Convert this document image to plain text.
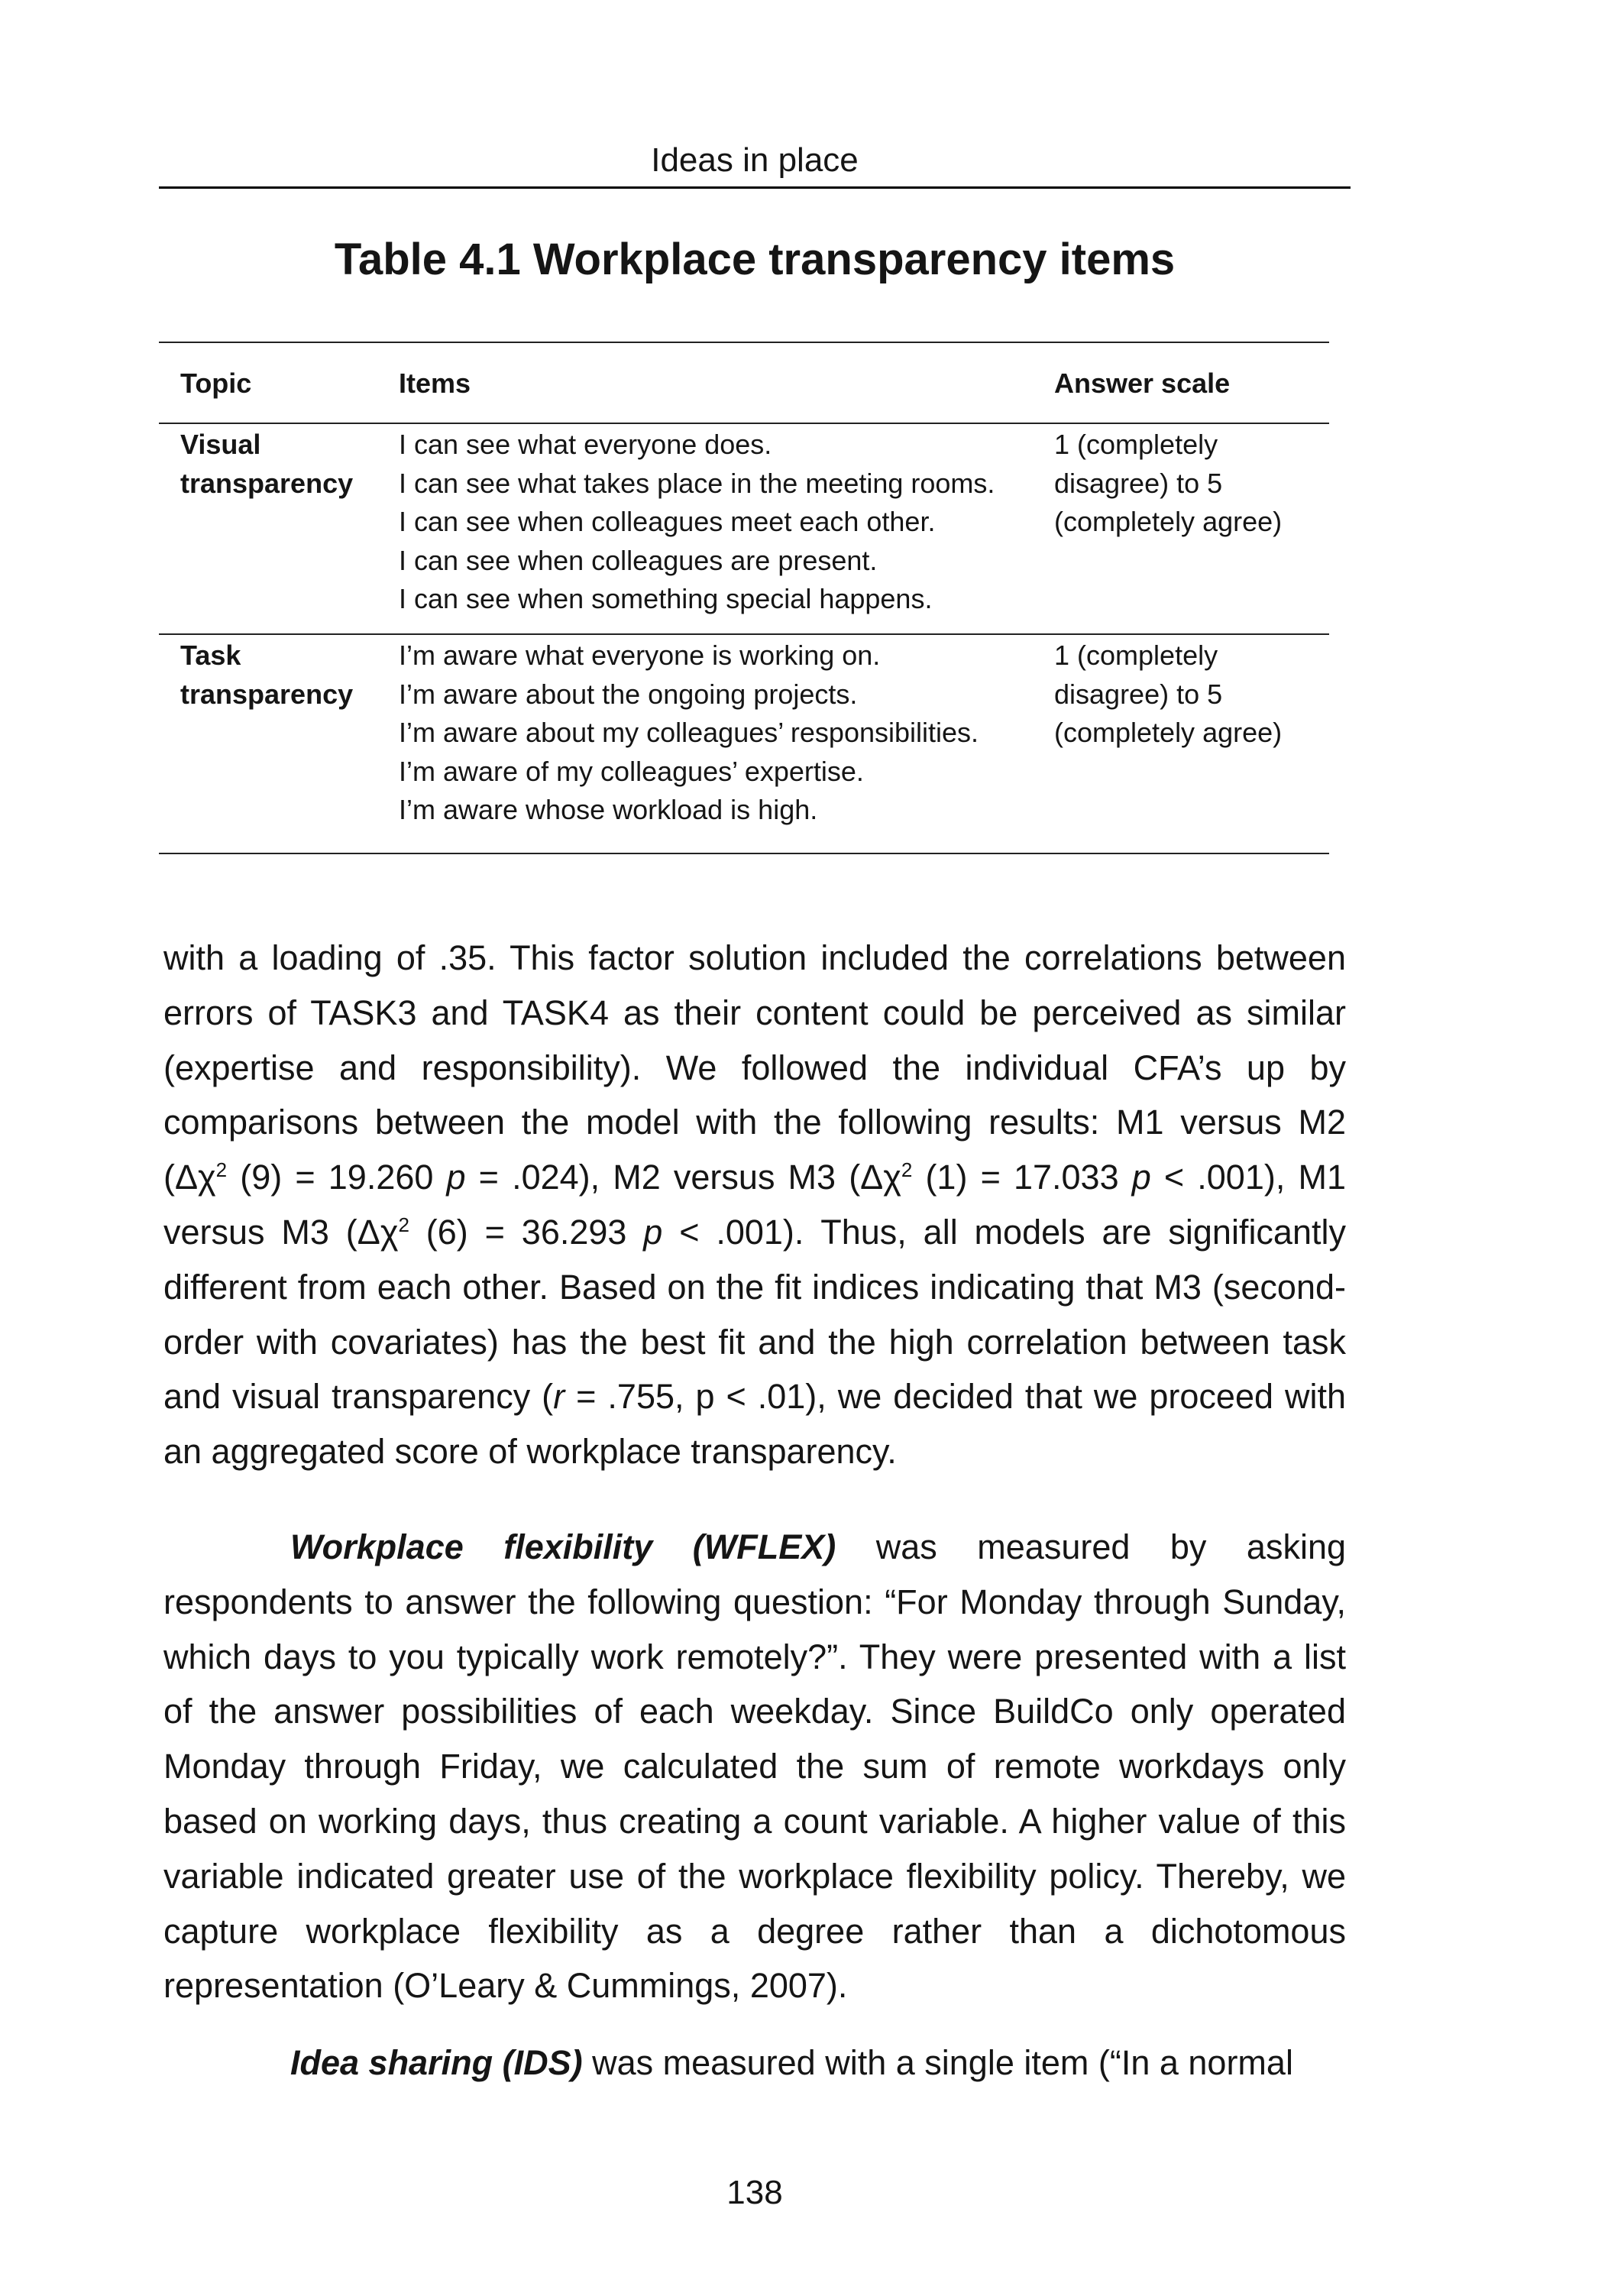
Ideas in place
Table 4.1 Workplace transparency items
Topic	Items	Answer scale
Visual
transparency
I can see what everyone does.
I can see what takes place in the meeting rooms.
I can see when colleagues meet each other.
I can see when colleagues are present.
I can see when something special happens.
1 (completely
disagree) to 5
(completely agree)
Task
transparency
I’m aware what everyone is working on.
I’m aware about the ongoing projects.
I’m aware about my colleagues’ responsibilities.
I’m aware of my colleagues’ expertise.
I’m aware whose workload is high.
1 (completely
disagree) to 5
(completely agree)

with a loading of .35. This factor solution included the correlations between errors of TASK3 and TASK4 as their content could be perceived as similar (expertise and responsibility). We followed the individual CFA’s up by comparisons between the model with the following results: M1 versus M2 ($\Delta\chi^2$ (9) = 19.260 p = .024), M2 versus M3 ($\Delta\chi^2$ (1) = 17.033 p < .001), M1 versus M3 ($\Delta\chi^2$ (6) = 36.293 p < .001). Thus, all models are significantly different from each other. Based on the fit indices indicating that M3 (second-order with covariates) has the best fit and the high correlation between task and visual transparency (r = .755, p < .01), we decided that we proceed with an aggregated score of workplace transparency.

Workplace flexibility (WFLEX) was measured by asking respondents to answer the following question: “For Monday through Sunday, which days to you typically work remotely?”. They were presented with a list of the answer possibilities of each weekday. Since BuildCo only operated Monday through Friday, we calculated the sum of remote workdays only based on working days, thus creating a count variable. A higher value of this variable indicated greater use of the workplace flexibility policy. Thereby, we capture workplace flexibility as a degree rather than a dichotomous representation (O’Leary & Cummings, 2007).

Idea sharing (IDS) was measured with a single item (“In a normal

138
